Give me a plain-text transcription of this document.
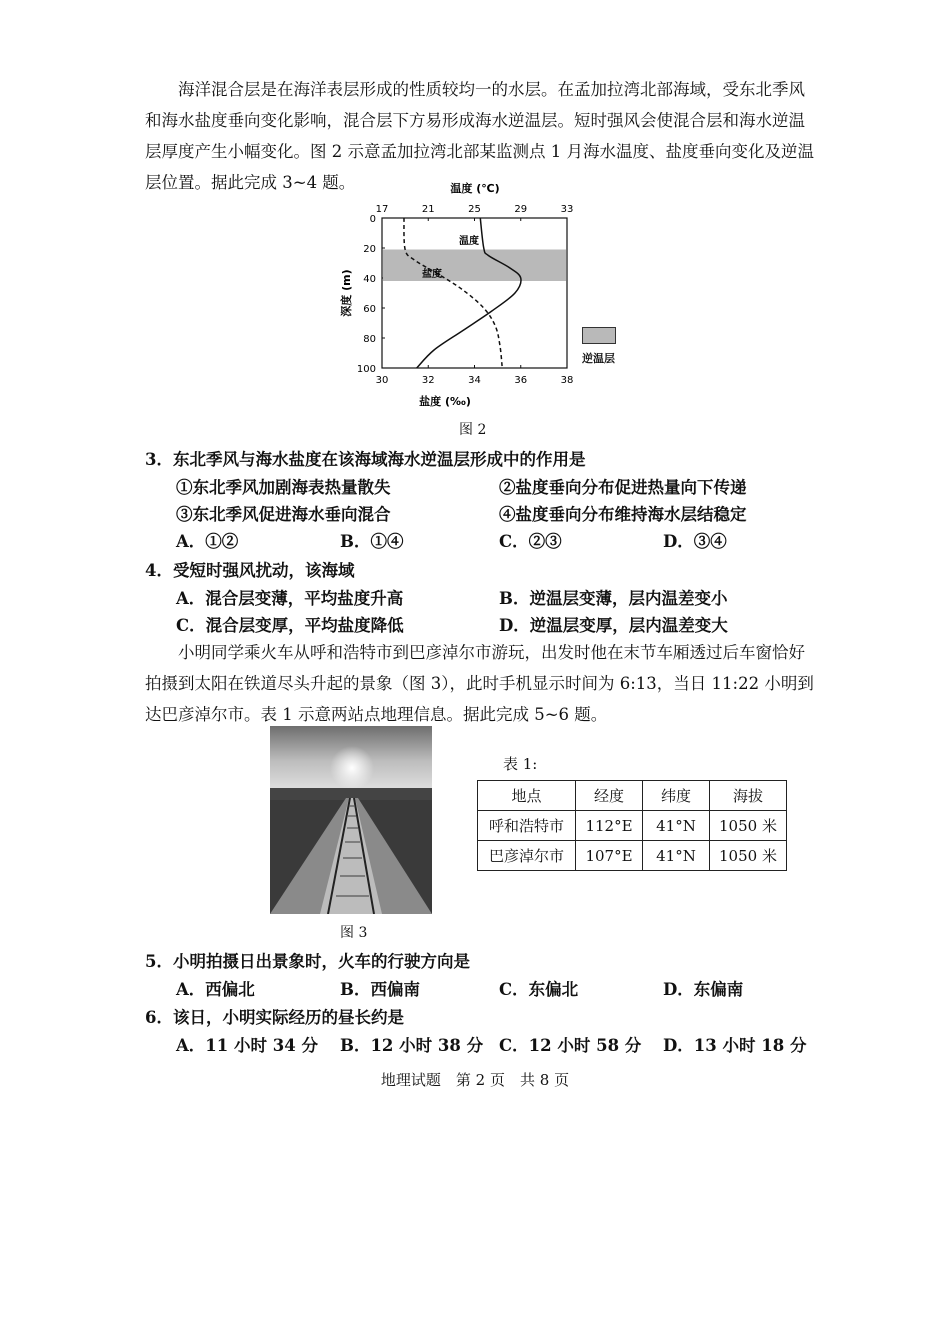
海洋混合层是在海洋表层形成的性质较均一的水层。在孟加拉湾北部海域，受东北季风和海水盐度垂向变化影响，混合层下方易形成海水逆温层。短时强风会使混合层和海水逆温层厚度产生小幅变化。图 2 示意孟加拉湾北部某监测点 1 月海水温度、盐度垂向变化及逆温层位置。据此完成 3~4 题。	温度 (℃)
17	21	25	29	33
30	32	34	36	38
0
20
40
60
80
100
温度
盐度
深度 (m)
盐度 (‰)
逆温层
图 2
3．东北季风与海水盐度在该海域海水逆温层形成中的作用是
①东北季风加剧海表热量散失	②盐度垂向分布促进热量向下传递
③东北季风促进海水垂向混合	④盐度垂向分布维持海水层结稳定
A．①②	B．①④	C．②③	D．③④
4．受短时强风扰动，该海域
A．混合层变薄，平均盐度升高	B．逆温层变薄，层内温差变小
C．混合层变厚，平均盐度降低	D．逆温层变厚，层内温差变大
小明同学乘火车从呼和浩特市到巴彦淖尔市游玩，出发时他在末节车厢透过后车窗恰好拍摄到太阳在铁道尽头升起的景象（图 3），此时手机显示时间为 6:13，当日 11:22 小明到达巴彦淖尔市。表 1 示意两站点地理信息。据此完成 5~6 题。
图 3
表 1:
地点	经度	纬度	海拔
呼和浩特市	112°E	41°N	1050 米
巴彦淖尔市	107°E	41°N	1050 米
5．小明拍摄日出景象时，火车的行驶方向是
A．西偏北	B．西偏南	C．东偏北	D．东偏南
6．该日，小明实际经历的昼长约是
A．11 小时 34 分 B．12 小时 38 分 C．12 小时 58 分 D．13 小时 18 分
地理试题　第 2 页　共 8 页
